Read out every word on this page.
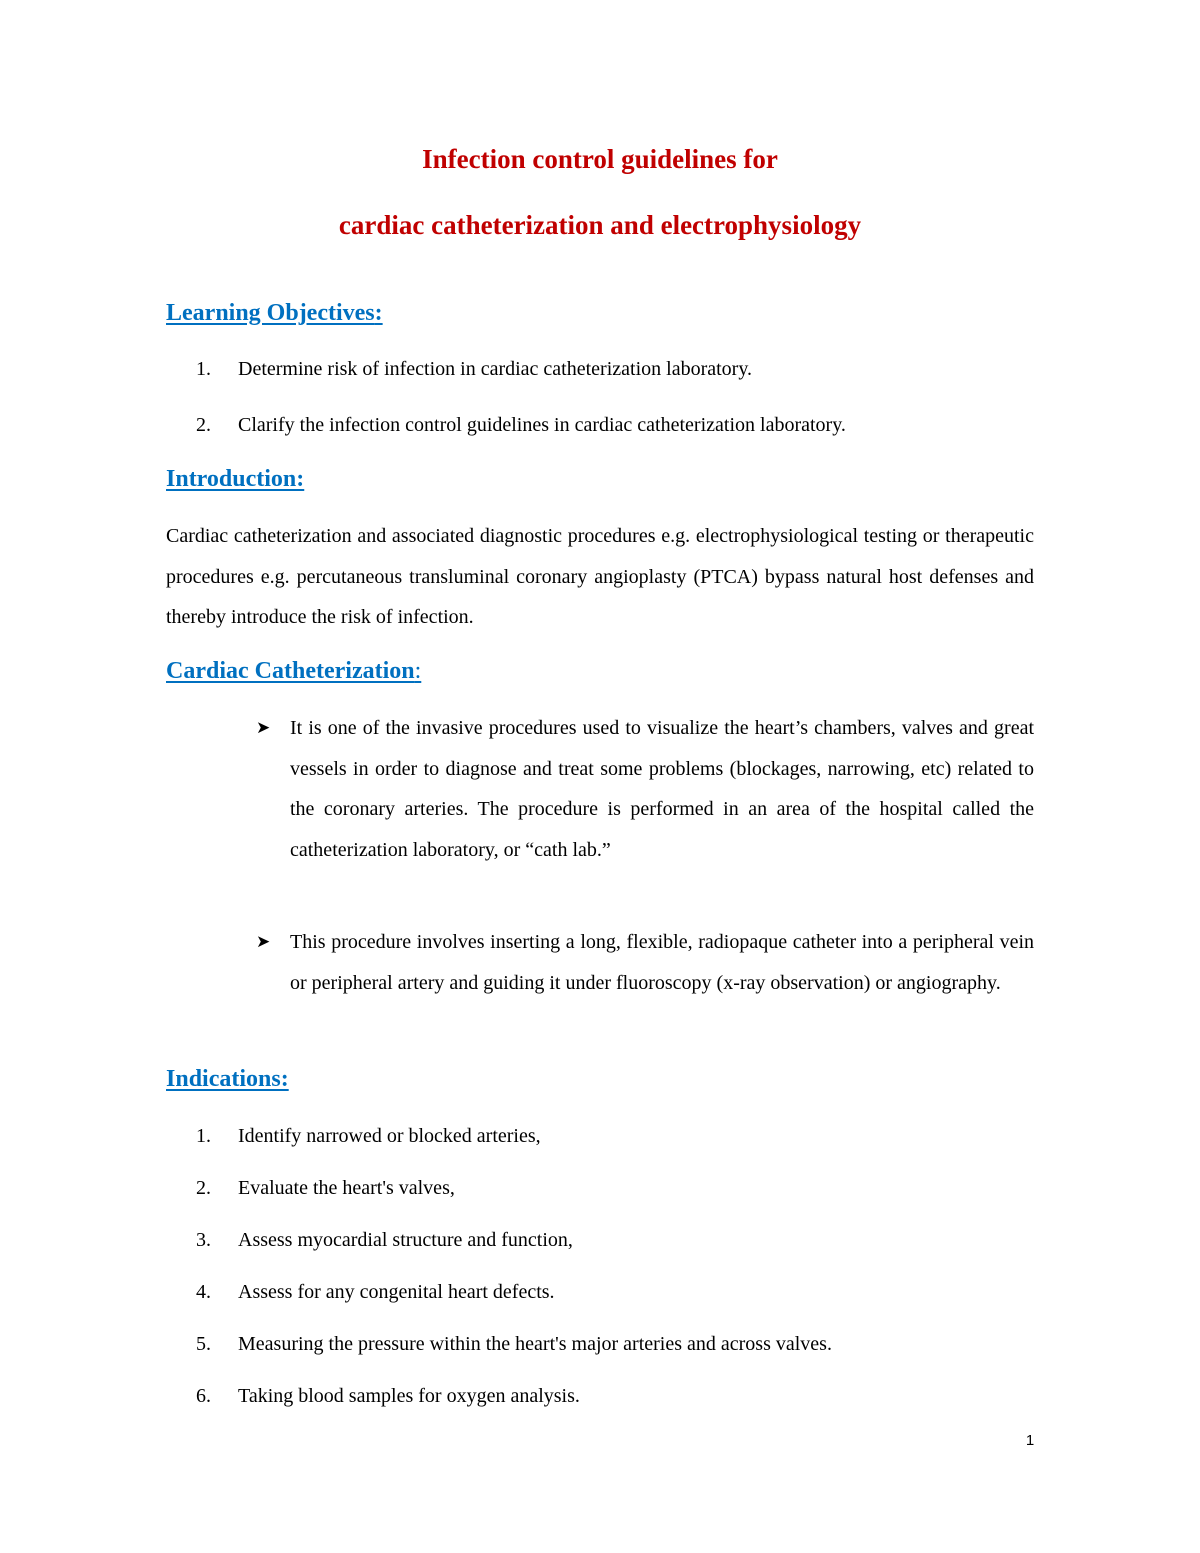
Infection control guidelines for
cardiac catheterization and electrophysiology
Learning Objectives:
1. Determine risk of infection in cardiac catheterization laboratory.
2. Clarify the infection control guidelines in cardiac catheterization laboratory.
Introduction:

Cardiac catheterization and associated diagnostic procedures e.g. electrophysiological testing or therapeutic procedures e.g. percutaneous transluminal coronary angioplasty (PTCA) bypass natural host defenses and thereby introduce the risk of infection.

Cardiac Catheterization:
➤ It is one of the invasive procedures used to visualize the heart’s chambers, valves and great vessels in order to diagnose and treat some problems (blockages, narrowing, etc) related to the coronary arteries. The procedure is performed in an area of the hospital called the catheterization laboratory, or “cath lab.”
➤ This procedure involves inserting a long, flexible, radiopaque catheter into a peripheral vein or peripheral artery and guiding it under fluoroscopy (x-ray observation) or angiography.
Indications:
1. Identify narrowed or blocked arteries,
2. Evaluate the heart's valves,
3. Assess myocardial structure and function,
4. Assess for any congenital heart defects.
5. Measuring the pressure within the heart's major arteries and across valves.
6. Taking blood samples for oxygen analysis.
1
